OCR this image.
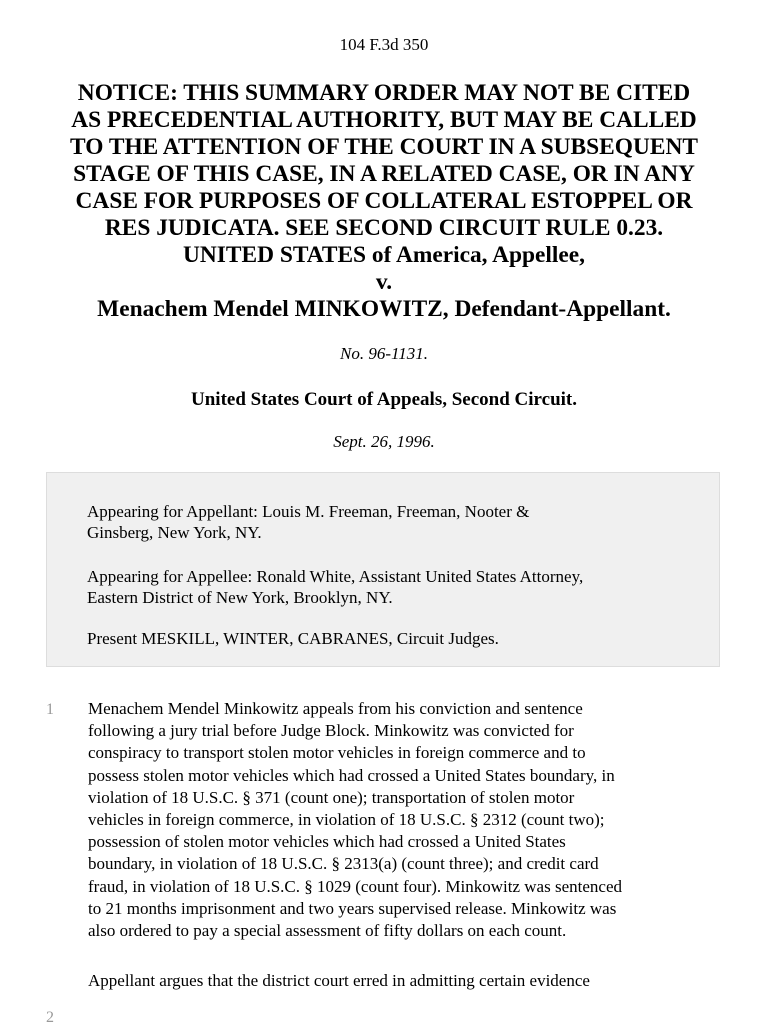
104 F.3d 350
NOTICE: THIS SUMMARY ORDER MAY NOT BE CITED
AS PRECEDENTIAL AUTHORITY, BUT MAY BE CALLED
TO THE ATTENTION OF THE COURT IN A SUBSEQUENT
STAGE OF THIS CASE, IN A RELATED CASE, OR IN ANY
CASE FOR PURPOSES OF COLLATERAL ESTOPPEL OR
RES JUDICATA. SEE SECOND CIRCUIT RULE 0.23.
UNITED STATES of America, Appellee,
v.
Menachem Mendel MINKOWITZ, Defendant-Appellant.
No. 96-1131.
United States Court of Appeals, Second Circuit.
Sept. 26, 1996.
Appearing for Appellant: Louis M. Freeman, Freeman, Nooter &
Ginsberg, New York, NY.
Appearing for Appellee: Ronald White, Assistant United States Attorney,
Eastern District of New York, Brooklyn, NY.
Present MESKILL, WINTER, CABRANES, Circuit Judges.
1 Menachem Mendel Minkowitz appeals from his conviction and sentence
following a jury trial before Judge Block. Minkowitz was convicted for
conspiracy to transport stolen motor vehicles in foreign commerce and to
possess stolen motor vehicles which had crossed a United States boundary, in
violation of 18 U.S.C. § 371 (count one); transportation of stolen motor
vehicles in foreign commerce, in violation of 18 U.S.C. § 2312 (count two);
possession of stolen motor vehicles which had crossed a United States
boundary, in violation of 18 U.S.C. § 2313(a) (count three); and credit card
fraud, in violation of 18 U.S.C. § 1029 (count four). Minkowitz was sentenced
to 21 months imprisonment and two years supervised release. Minkowitz was
also ordered to pay a special assessment of fifty dollars on each count.
2
Appellant argues that the district court erred in admitting certain evidence
